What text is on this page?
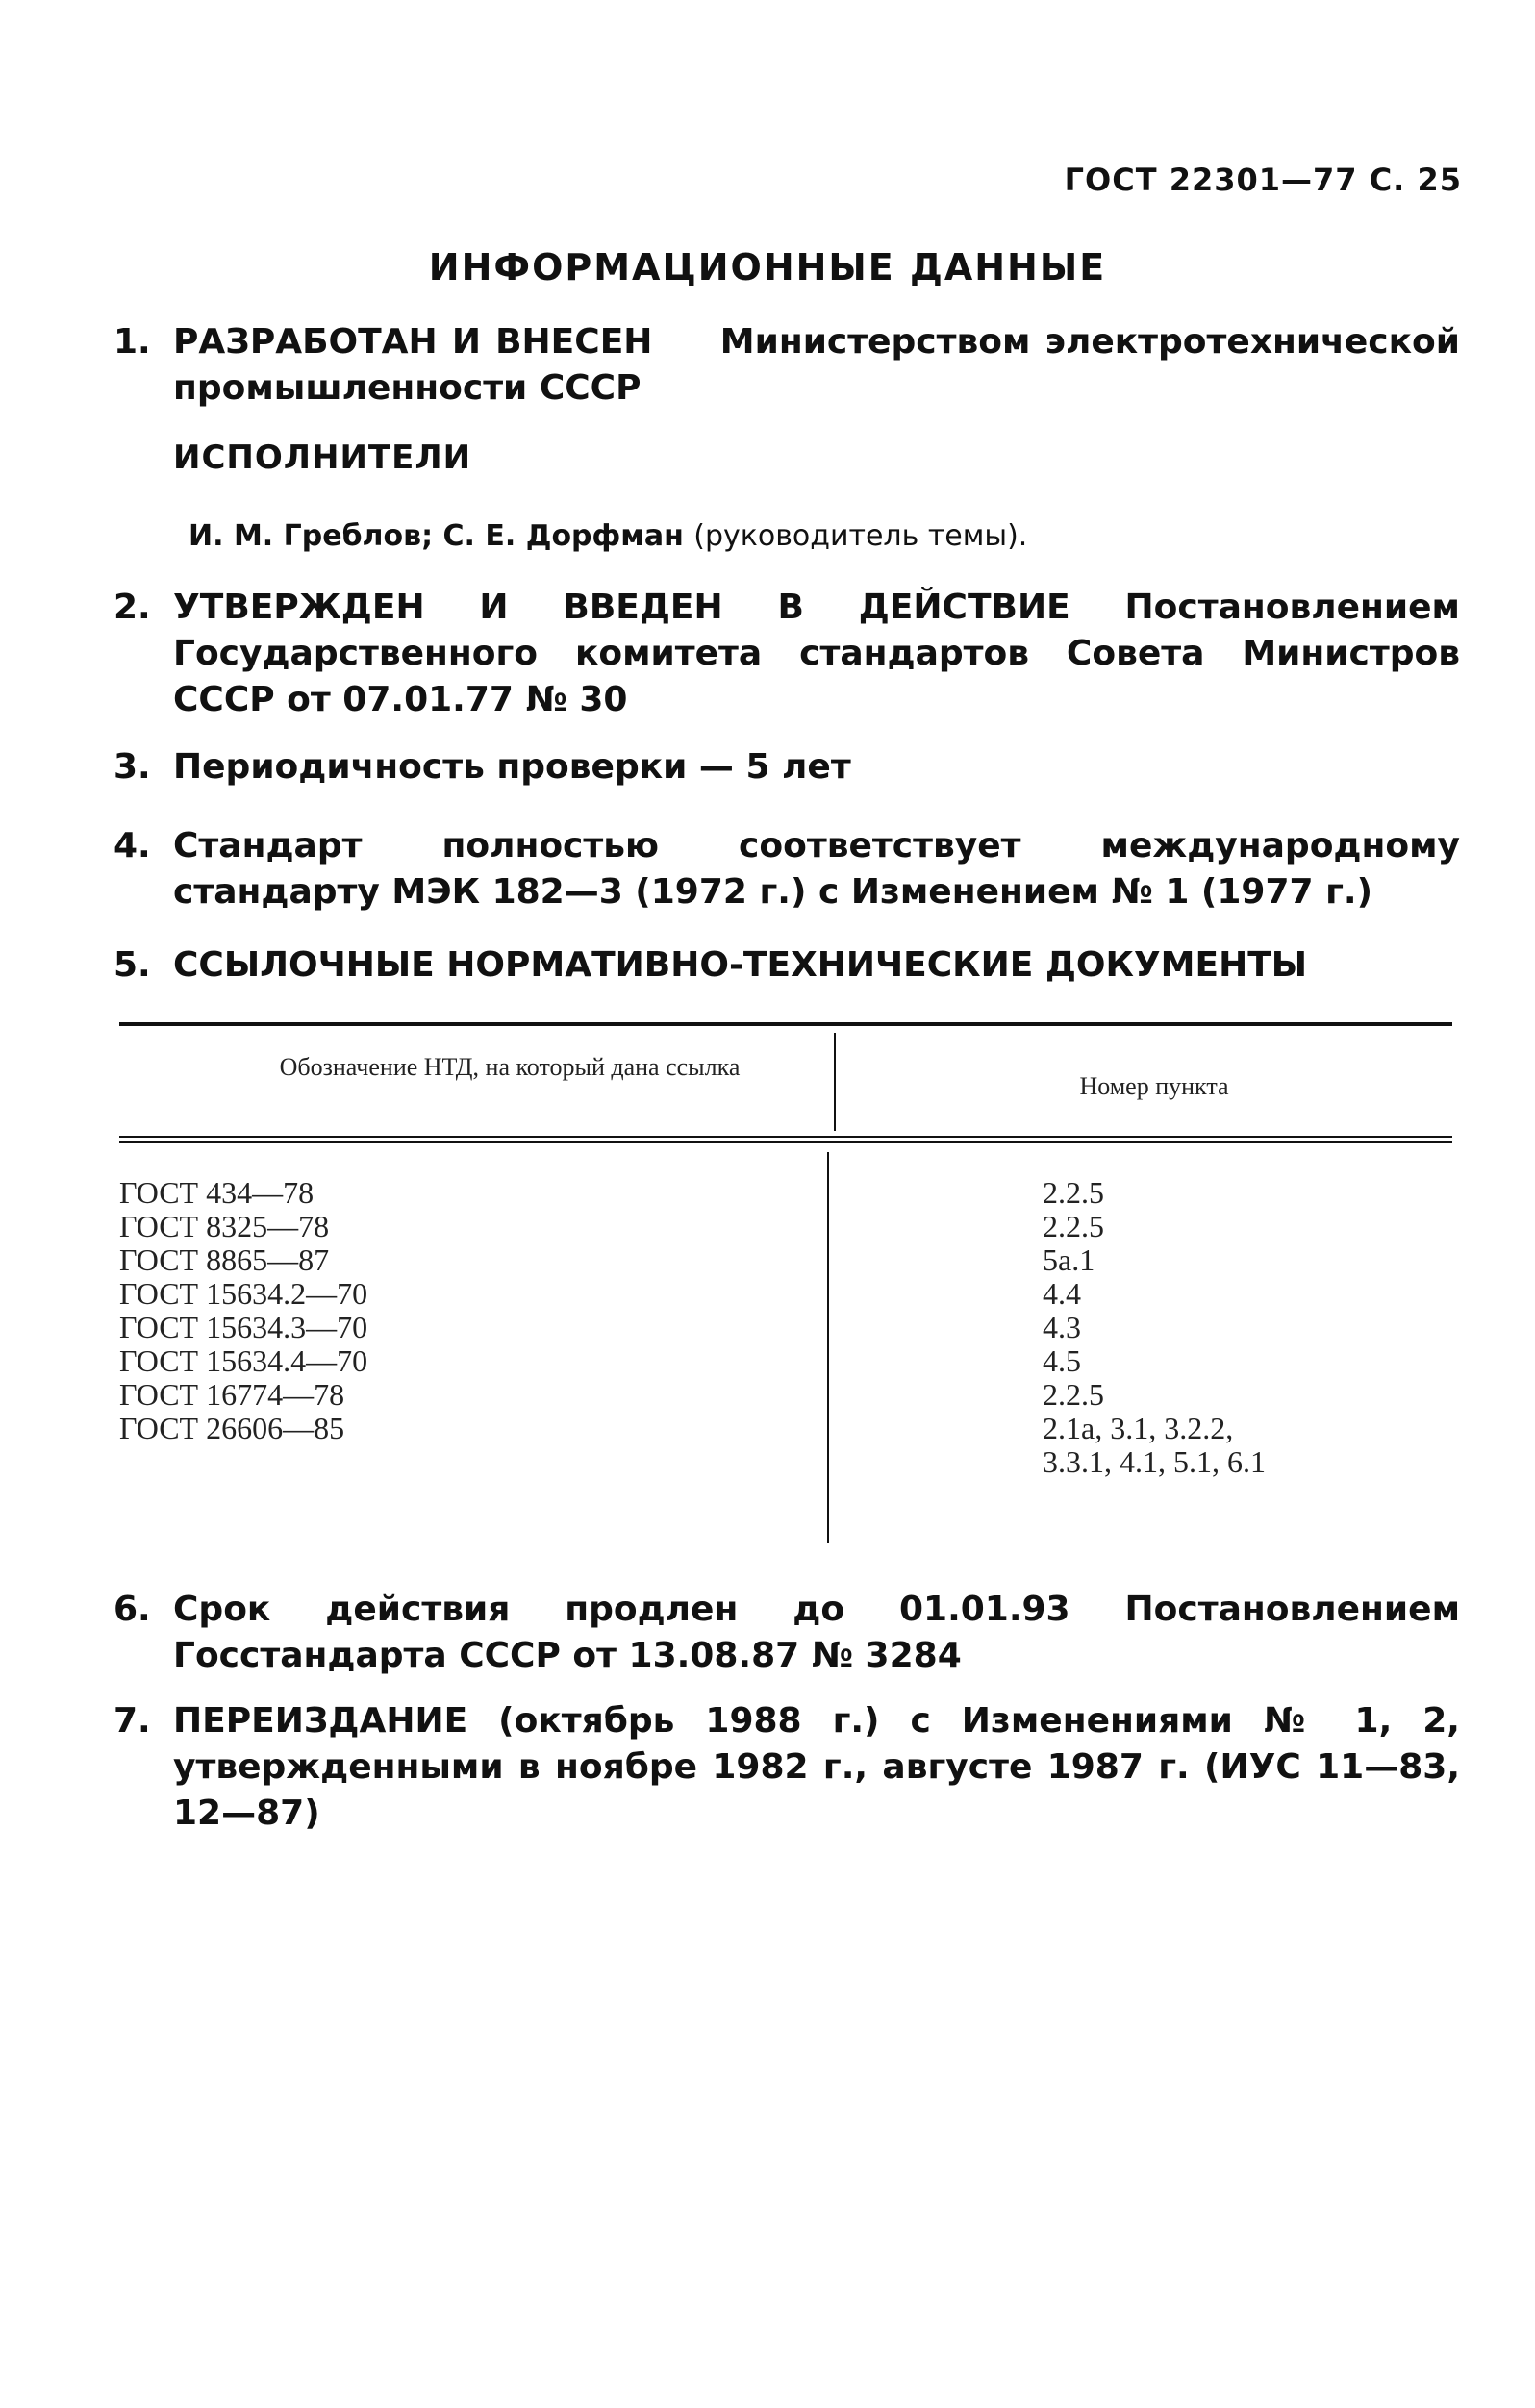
ГОСТ 22301—77 С. 25
ИНФОРМАЦИОННЫЕ ДАННЫЕ
1. РАЗРАБОТАН И ВНЕСЕН Министерством электротехнической промышленности СССР
ИСПОЛНИТЕЛИ
И. М. Греблов; С. Е. Дорфман (руководитель темы).
2. УТВЕРЖДЕН И ВВЕДЕН В ДЕЙСТВИЕ Постановлением Государственного комитета стандартов Совета Министров СССР от 07.01.77 № 30
3. Периодичность проверки — 5 лет
4. Стандарт полностью соответствует международному стандарту МЭК 182—3 (1972 г.) с Изменением № 1 (1977 г.)
5. ССЫЛОЧНЫЕ НОРМАТИВНО-ТЕХНИЧЕСКИЕ ДОКУМЕНТЫ
Обозначение НТД, на который дана ссылка
Номер пункта
ГОСТ 434—78
ГОСТ 8325—78
ГОСТ 8865—87
ГОСТ 15634.2—70
ГОСТ 15634.3—70
ГОСТ 15634.4—70
ГОСТ 16774—78
ГОСТ 26606—85
2.2.5
2.2.5
5а.1
4.4
4.3
4.5
2.2.5
2.1а, 3.1, 3.2.2,
3.3.1, 4.1, 5.1, 6.1
6. Срок действия продлен до 01.01.93 Постановлением Госстандарта СССР от 13.08.87 № 3284
7. ПЕРЕИЗДАНИЕ (октябрь 1988 г.) с Изменениями № 1, 2, утвержденными в ноябре 1982 г., августе 1987 г. (ИУС 11—83, 12—87)
